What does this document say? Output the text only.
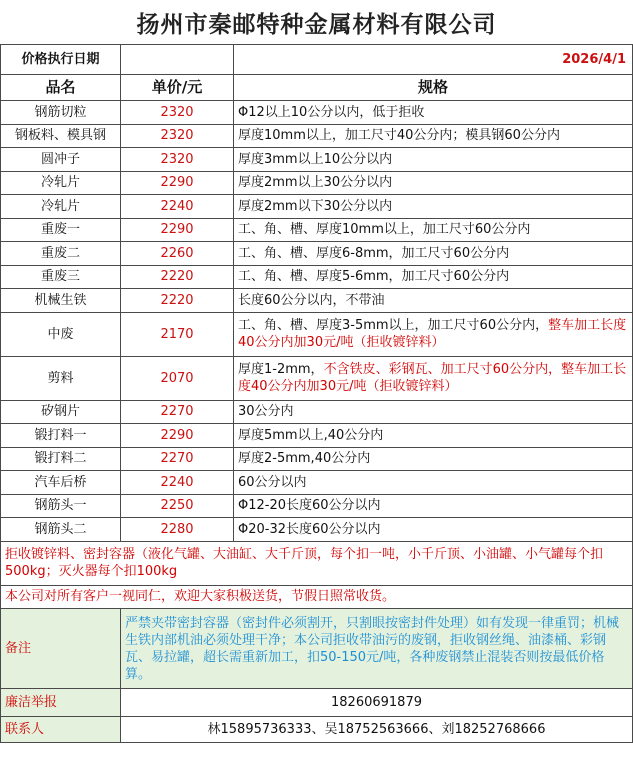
扬州市秦邮特种金属材料有限公司
价格执行日期		2026/4/1
品名	单价/元	规格
钢筋切粒	2320	Φ12以上10公分以内，低于拒收
钢板料、模具钢	2320	厚度10mm以上，加工尺寸40公分内；模具钢60公分内
圆冲子	2320	厚度3mm以上10公分以内
冷轧片	2290	厚度2mm以上30公分以内
冷轧片	2240	厚度2mm以下30公分以内
重废一	2290	工、角、槽、厚度10mm以上，加工尺寸60公分内
重废二	2260	工、角、槽、厚度6-8mm，加工尺寸60公分内
重废三	2220	工、角、槽、厚度5-6mm，加工尺寸60公分内
机械生铁	2220	长度60公分以内，不带油
中废	2170	工、角、槽、厚度3-5mm以上，加工尺寸60公分内，整车加工长度40公分内加30元/吨（拒收镀锌料）
剪料	2070	厚度1-2mm，不含铁皮、彩钢瓦、加工尺寸60公分内，整车加工长度40公分内加30元/吨（拒收镀锌料）
矽钢片	2270	30公分内
锻打料一	2290	厚度5mm以上,40公分内
锻打料二	2270	厚度2-5mm,40公分内
汽车后桥	2240	60公分以内
钢筋头一	2250	Φ12-20长度60公分以内
钢筋头二	2280	Φ20-32长度60公分以内
拒收镀锌料、密封容器（液化气罐、大油缸、大千斤顶，每个扣一吨，小千斤顶、小油罐、小气罐每个扣500kg；灭火器每个扣100kg		
本公司对所有客户一视同仁，欢迎大家积极送货，节假日照常收货。		
备注	严禁夹带密封容器（密封件必须割开，只割眼按密封件处理）如有发现一律重罚；机械生铁内部机油必须处理干净；本公司拒收带油污的废钢，拒收钢丝绳、油漆桶、彩钢瓦、易拉罐，超长需重新加工，扣50-150元/吨，各种废钢禁止混装否则按最低价格算。	

廉洁举报	18260691879	
联系人	林15895736333、吴18752563666、刘18252768666	
